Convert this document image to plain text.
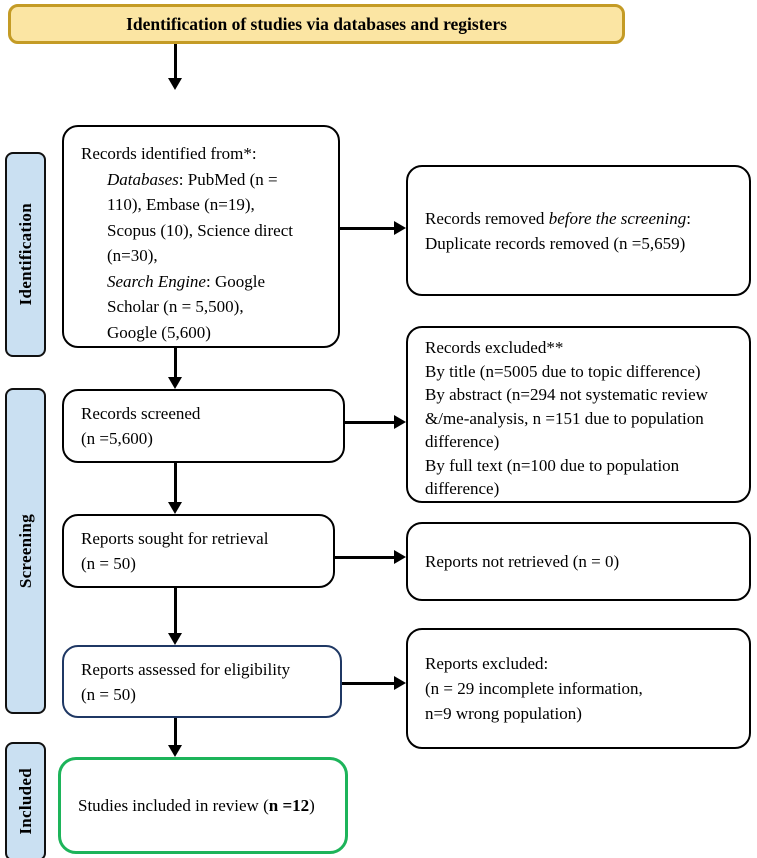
Identification of studies via databases and registers
Identification
Screening
Included
Records identified from*:
Databases: PubMed (n =
110), Embase (n=19),
Scopus (10), Science direct
(n=30),
Search Engine: Google
Scholar (n = 5,500),
Google (5,600)
Records screened
(n =5,600)
Reports sought for retrieval
(n = 50)
Reports assessed for eligibility
(n = 50)
Studies included in review (n =12)
Records removed before the screening:
Duplicate records removed (n =5,659)
Records excluded**
By title (n=5005 due to topic difference)
By abstract (n=294 not systematic review
&/me-analysis, n =151 due to population
difference)
By full text (n=100 due to population
difference)
Reports not retrieved (n = 0)
Reports excluded:
(n = 29 incomplete information,
n=9 wrong population)
